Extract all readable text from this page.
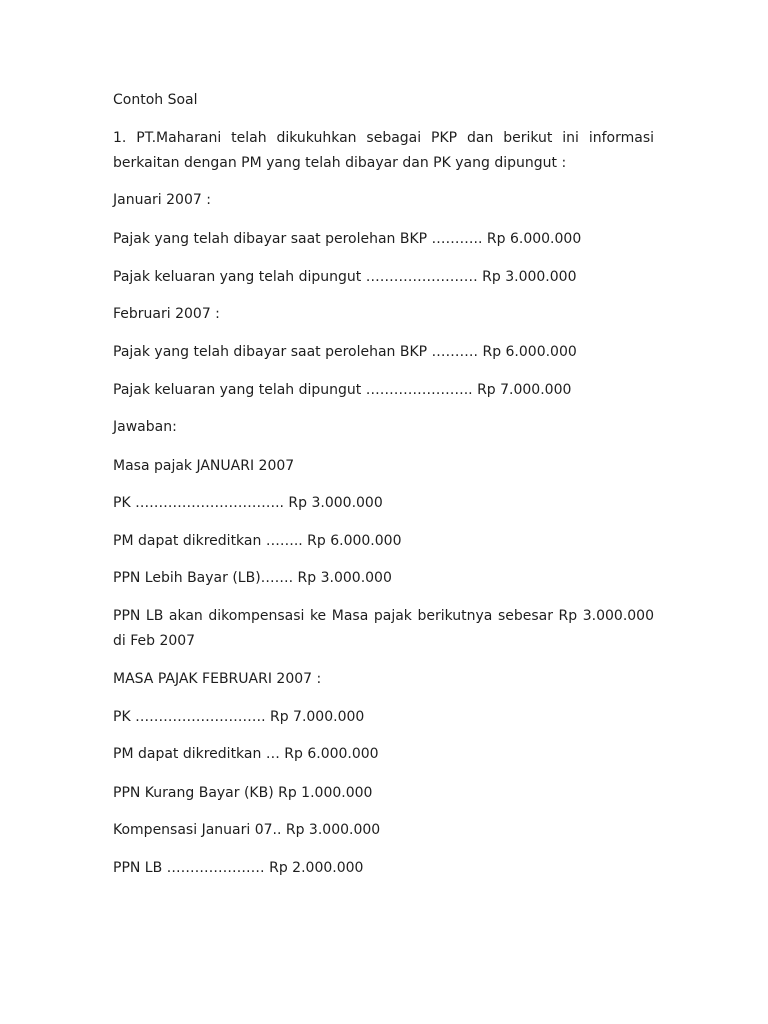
Contoh Soal

1. PT.Maharani telah dikukuhkan sebagai PKP dan berikut ini informasi berkaitan dengan PM yang telah dibayar dan PK yang dipungut :

Januari 2007 :

Pajak yang telah dibayar saat perolehan BKP ……….. Rp 6.000.000

Pajak keluaran yang telah dipungut …………………… Rp 3.000.000

Februari 2007 :

Pajak yang telah dibayar saat perolehan BKP ………. Rp 6.000.000

Pajak keluaran yang telah dipungut ………………….. Rp 7.000.000

Jawaban:

Masa pajak JANUARI 2007

PK ………………………….. Rp 3.000.000

PM dapat dikreditkan …….. Rp 6.000.000

PPN Lebih Bayar (LB)……. Rp 3.000.000

PPN LB akan dikompensasi ke Masa pajak berikutnya sebesar Rp 3.000.000 di Feb 2007

MASA PAJAK FEBRUARI 2007 :

PK ………………………. Rp 7.000.000

PM dapat dikreditkan … Rp 6.000.000

PPN Kurang Bayar (KB) Rp 1.000.000

Kompensasi Januari 07.. Rp 3.000.000

PPN LB ………………… Rp 2.000.000
